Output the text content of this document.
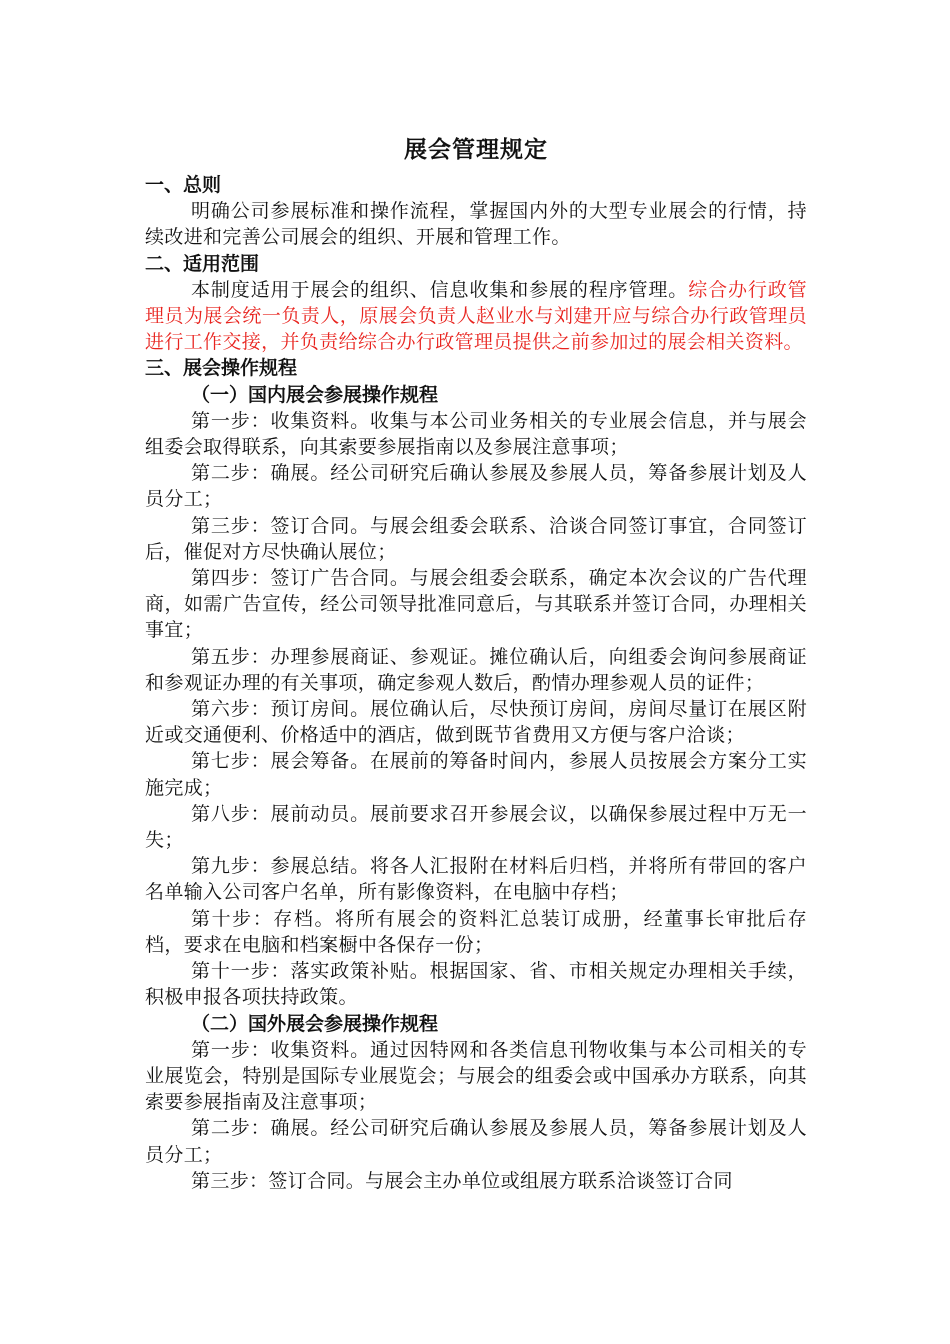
展会管理规定
一、总则
明确公司参展标准和操作流程，掌握国内外的大型专业展会的行情，持续改进和完善公司展会的组织、开展和管理工作。
二、适用范围
本制度适用于展会的组织、信息收集和参展的程序管理。综合办行政管理员为展会统一负责人，原展会负责人赵业水与刘建开应与综合办行政管理员进行工作交接，并负责给综合办行政管理员提供之前参加过的展会相关资料。
三、展会操作规程
（一）国内展会参展操作规程
第一步：收集资料。收集与本公司业务相关的专业展会信息，并与展会组委会取得联系，向其索要参展指南以及参展注意事项；
第二步：确展。经公司研究后确认参展及参展人员，筹备参展计划及人员分工；
第三步：签订合同。与展会组委会联系、洽谈合同签订事宜，合同签订后，催促对方尽快确认展位；
第四步：签订广告合同。与展会组委会联系，确定本次会议的广告代理商，如需广告宣传，经公司领导批准同意后，与其联系并签订合同，办理相关事宜；
第五步：办理参展商证、参观证。摊位确认后，向组委会询问参展商证和参观证办理的有关事项，确定参观人数后，酌情办理参观人员的证件；
第六步：预订房间。展位确认后，尽快预订房间，房间尽量订在展区附近或交通便利、价格适中的酒店，做到既节省费用又方便与客户洽谈；
第七步：展会筹备。在展前的筹备时间内，参展人员按展会方案分工实施完成；
第八步：展前动员。展前要求召开参展会议，以确保参展过程中万无一失；
第九步：参展总结。将各人汇报附在材料后归档，并将所有带回的客户名单输入公司客户名单，所有影像资料，在电脑中存档；
第十步：存档。将所有展会的资料汇总装订成册，经董事长审批后存档，要求在电脑和档案橱中各保存一份；
第十一步：落实政策补贴。根据国家、省、市相关规定办理相关手续，积极申报各项扶持政策。
（二）国外展会参展操作规程
第一步：收集资料。通过因特网和各类信息刊物收集与本公司相关的专业展览会，特别是国际专业展览会；与展会的组委会或中国承办方联系，向其索要参展指南及注意事项；
第二步：确展。经公司研究后确认参展及参展人员，筹备参展计划及人员分工；
第三步：签订合同。与展会主办单位或组展方联系洽谈签订合同
